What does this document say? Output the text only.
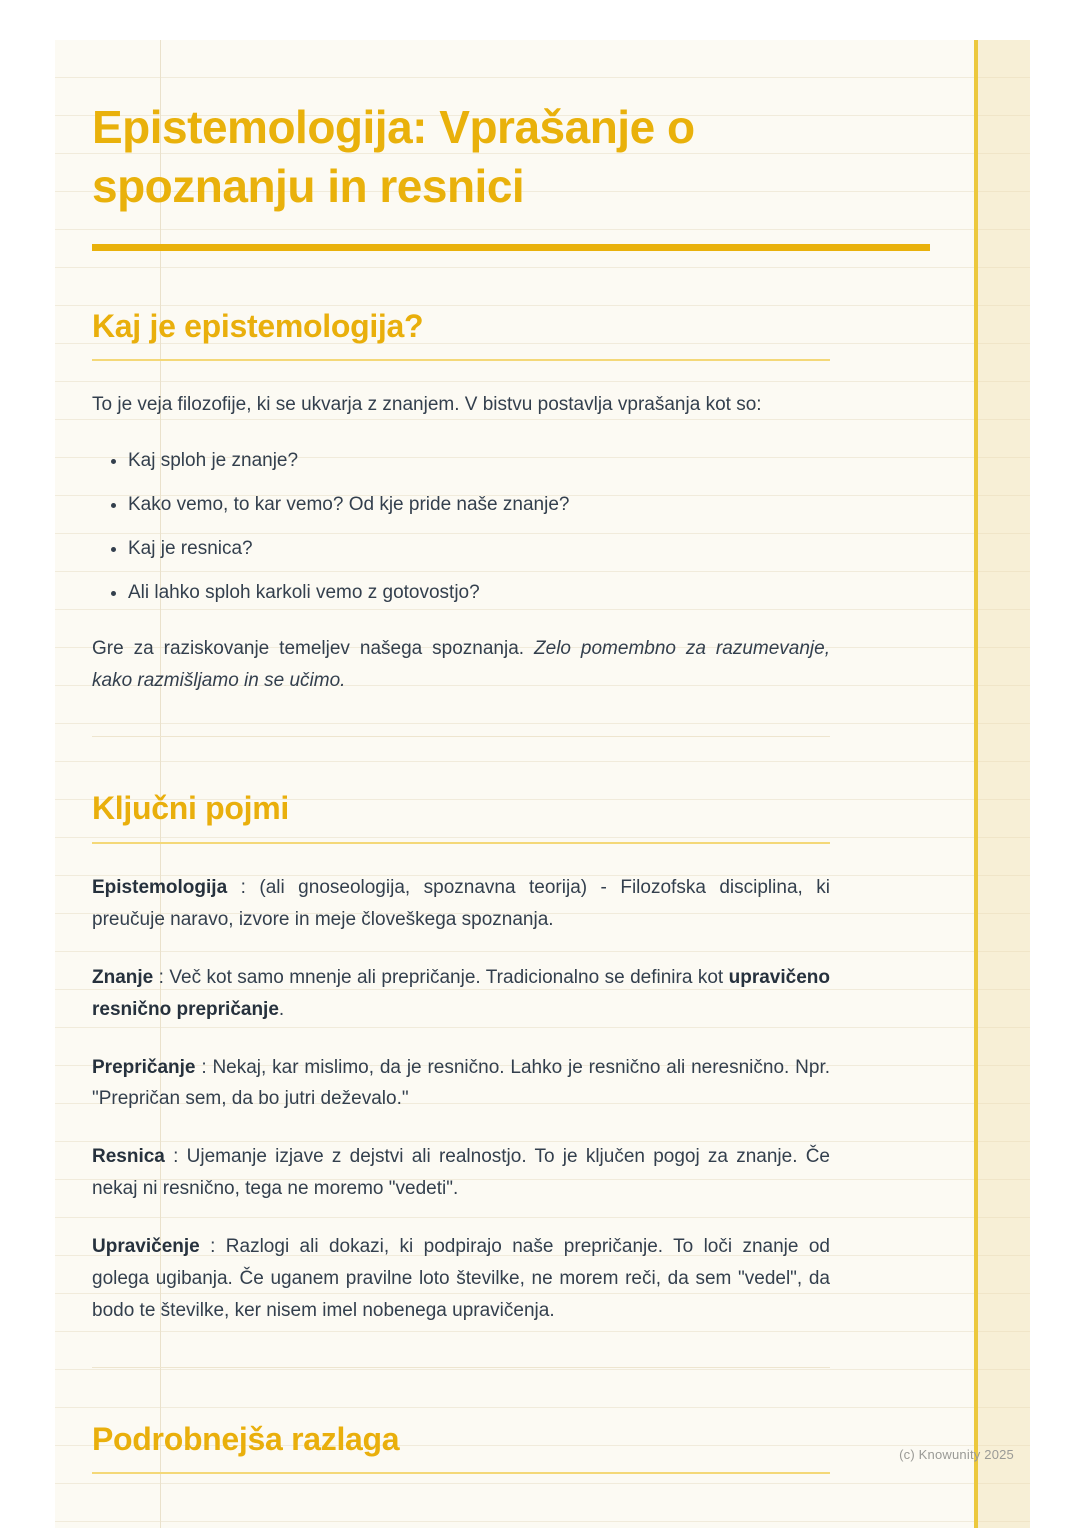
Epistemologija: Vprašanje o spoznanju in resnici
Kaj je epistemologija?

To je veja filozofije, ki se ukvarja z znanjem. V bistvu postavlja vprašanja kot so:

• Kaj sploh je znanje?
• Kako vemo, to kar vemo? Od kje pride naše znanje?
• Kaj je resnica?
• Ali lahko sploh karkoli vemo z gotovostjo?

Gre za raziskovanje temeljev našega spoznanja. Zelo pomembno za razumevanje, kako razmišljamo in se učimo.

Ključni pojmi

Epistemologija : (ali gnoseologija, spoznavna teorija) - Filozofska disciplina, ki preučuje naravo, izvore in meje človeškega spoznanja.

Znanje : Več kot samo mnenje ali prepričanje. Tradicionalno se definira kot upravičeno resnično prepričanje.

Prepričanje : Nekaj, kar mislimo, da je resnično. Lahko je resnično ali neresnično. Npr. "Prepričan sem, da bo jutri deževalo."

Resnica : Ujemanje izjave z dejstvi ali realnostjo. To je ključen pogoj za znanje. Če nekaj ni resnično, tega ne moremo "vedeti".

Upravičenje : Razlogi ali dokazi, ki podpirajo naše prepričanje. To loči znanje od golega ugibanja. Če uganem pravilne loto številke, ne morem reči, da sem "vedel", da bodo te številke, ker nisem imel nobenega upravičenja.

Podrobnejša razlaga	(c) Knowunity 2025
